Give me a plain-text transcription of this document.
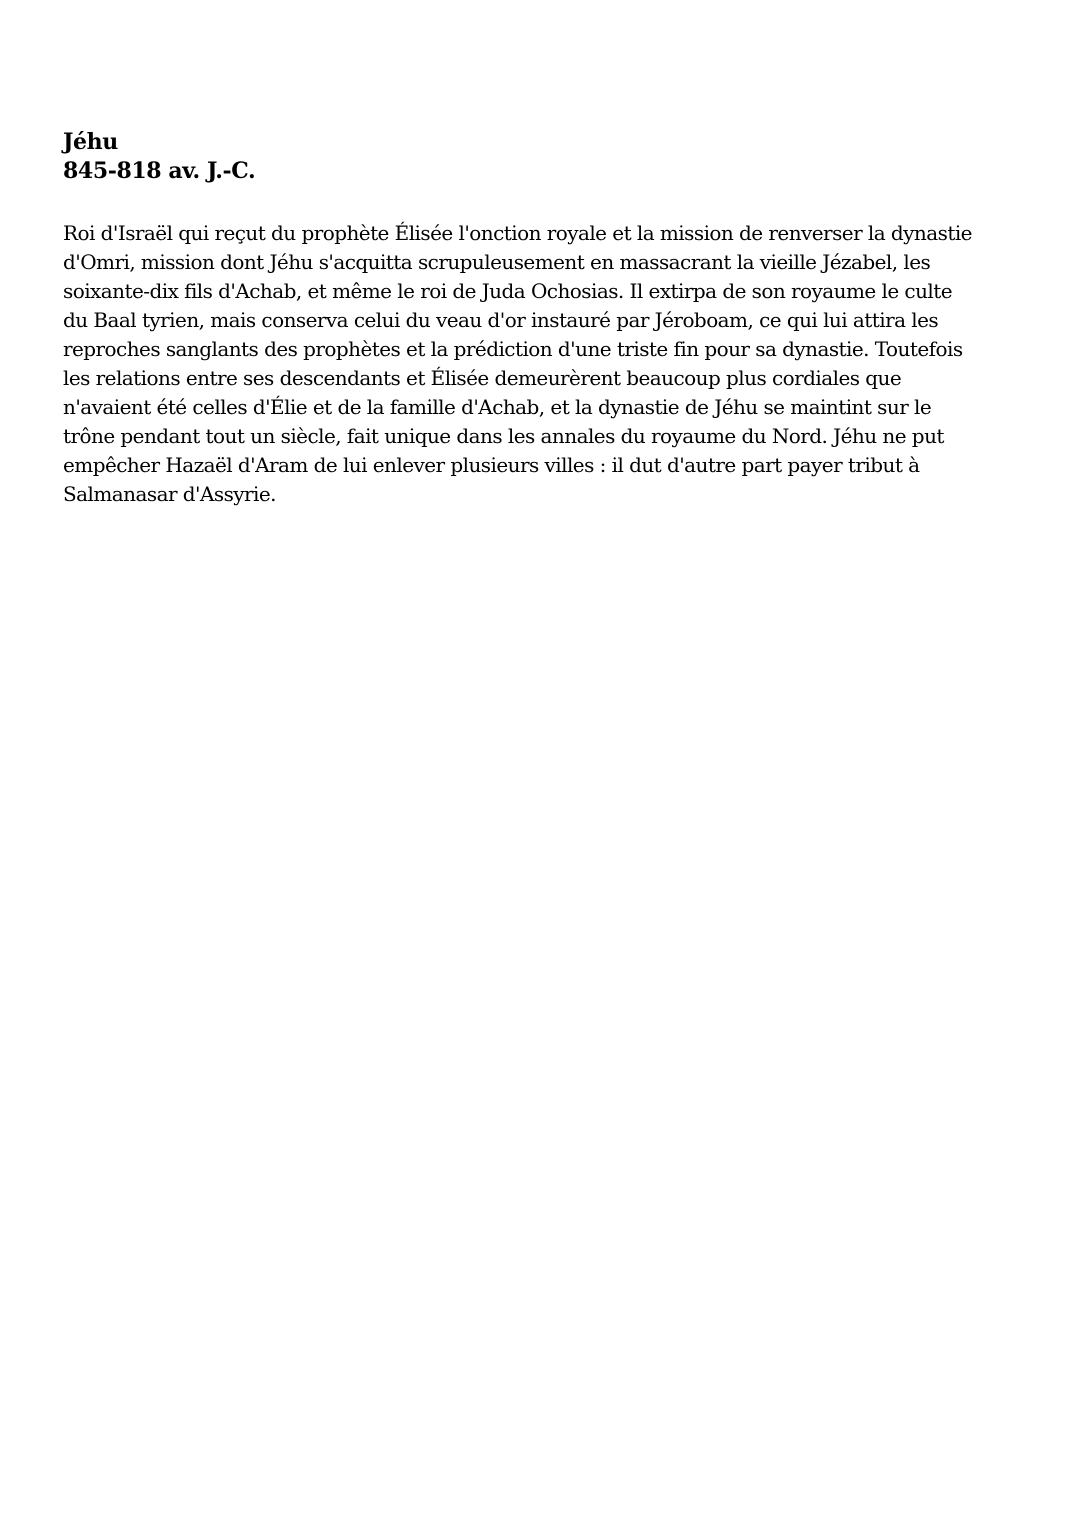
Jéhu
845-818 av. J.-C.
Roi d'Israël qui reçut du prophète Élisée l'onction royale et la mission de renverser la dynastie
d'Omri, mission dont Jéhu s'acquitta scrupuleusement en massacrant la vieille Jézabel, les
soixante-dix fils d'Achab, et même le roi de Juda Ochosias. Il extirpa de son royaume le culte
du Baal tyrien, mais conserva celui du veau d'or instauré par Jéroboam, ce qui lui attira les
reproches sanglants des prophètes et la prédiction d'une triste fin pour sa dynastie. Toutefois
les relations entre ses descendants et Élisée demeurèrent beaucoup plus cordiales que
n'avaient été celles d'Élie et de la famille d'Achab, et la dynastie de Jéhu se maintint sur le
trône pendant tout un siècle, fait unique dans les annales du royaume du Nord. Jéhu ne put
empêcher Hazaël d'Aram de lui enlever plusieurs villes : il dut d'autre part payer tribut à
Salmanasar d'Assyrie.
